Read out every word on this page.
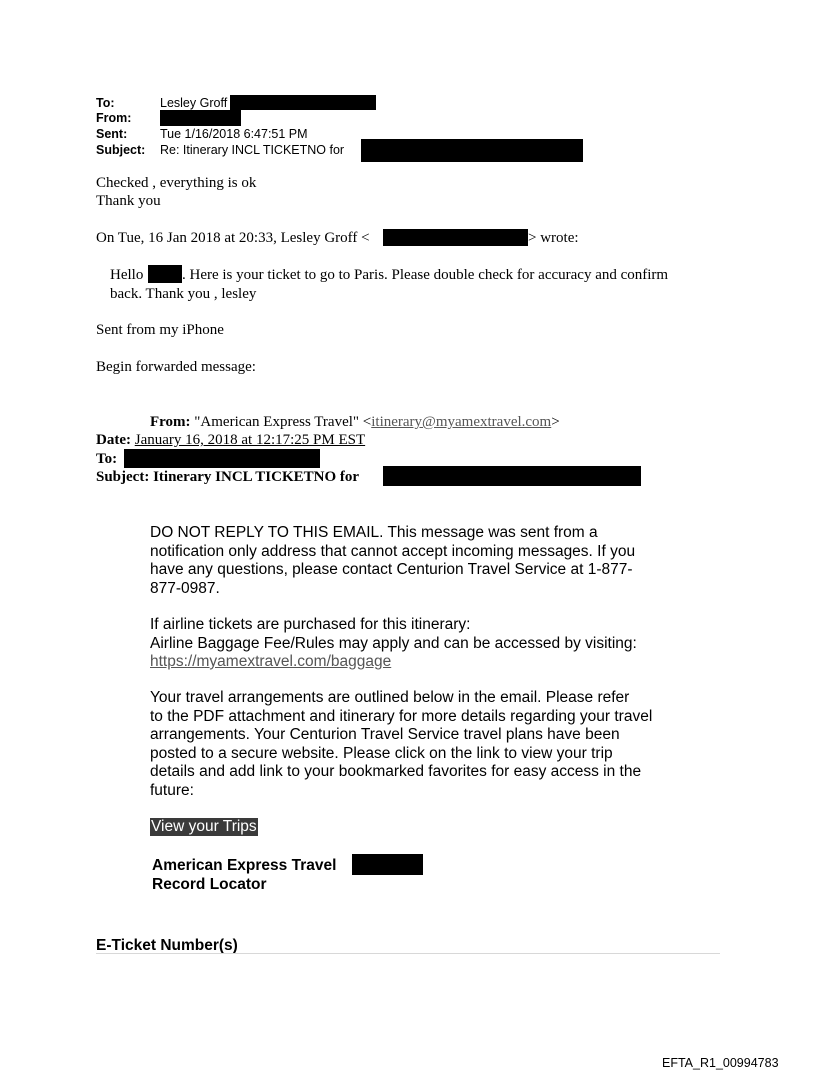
To:	Lesley Groff
From:
Sent:	Tue 1/16/2018 6:47:51 PM
Subject: Re: Itinerary INCL TICKETNO for
Checked , everything is ok
Thank you
On Tue, 16 Jan 2018 at 20:33, Lesley Groff <	> wrote:
Hello	. Here is your ticket to go to Paris. Please double check for accuracy and confirm
back. Thank you , lesley
Sent from my iPhone
Begin forwarded message:
From: "American Express Travel" <itinerary@myamextravel.com>
Date: January 16, 2018 at 12:17:25 PM EST
To:
Subject: Itinerary INCL TICKETNO for
DO NOT REPLY TO THIS EMAIL. This message was sent from a
notification only address that cannot accept incoming messages. If you
have any questions, please contact Centurion Travel Service at 1-877-
877-0987.
If airline tickets are purchased for this itinerary:
Airline Baggage Fee/Rules may apply and can be accessed by visiting:
https://myamextravel.com/baggage
Your travel arrangements are outlined below in the email. Please refer
to the PDF attachment and itinerary for more details regarding your travel
arrangements. Your Centurion Travel Service travel plans have been
posted to a secure website. Please click on the link to view your trip
details and add link to your bookmarked favorites for easy access in the
future:
View your Trips
American Express Travel
Record Locator
E-Ticket Number(s)
EFTA_R1_00994783
